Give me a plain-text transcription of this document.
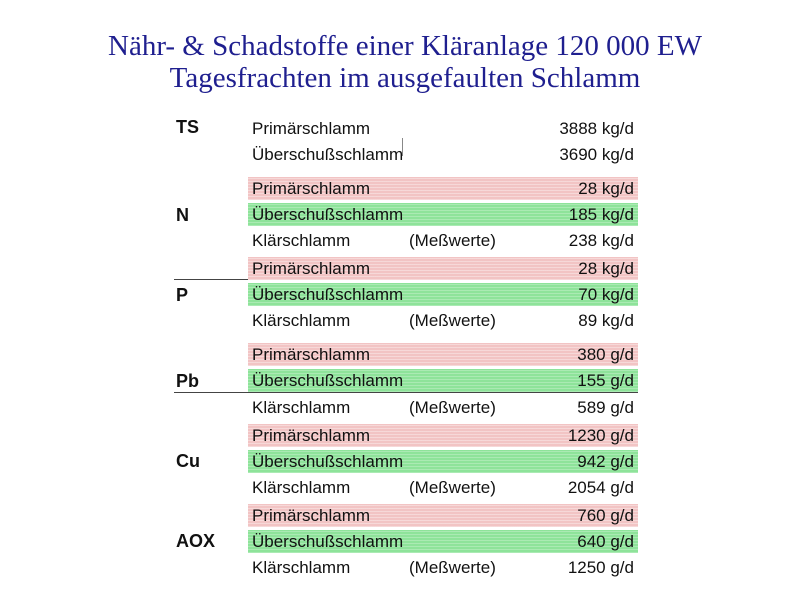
Nähr- & Schadstoffe einer Kläranlage 120 000 EW
Tagesfrachten im ausgefaulten Schlamm
TS	Primärschlamm	3888 kg/d
Überschußschlamm	3690 kg/d
N
Primärschlamm	28 kg/d
Überschußschlamm	185 kg/d
Klärschlamm	(Meßwerte)	238 kg/d
P
Primärschlamm	28 kg/d
Überschußschlamm	70 kg/d
Klärschlamm	(Meßwerte)	89 kg/d
Pb
Primärschlamm	380 g/d
Überschußschlamm	155 g/d
Klärschlamm	(Meßwerte)	589 g/d
Cu
Primärschlamm	1230 g/d
Überschußschlamm	942 g/d
Klärschlamm	(Meßwerte)	2054 g/d
AOX
Primärschlamm	760 g/d
Überschußschlamm	640 g/d
Klärschlamm	(Meßwerte)	1250 g/d
